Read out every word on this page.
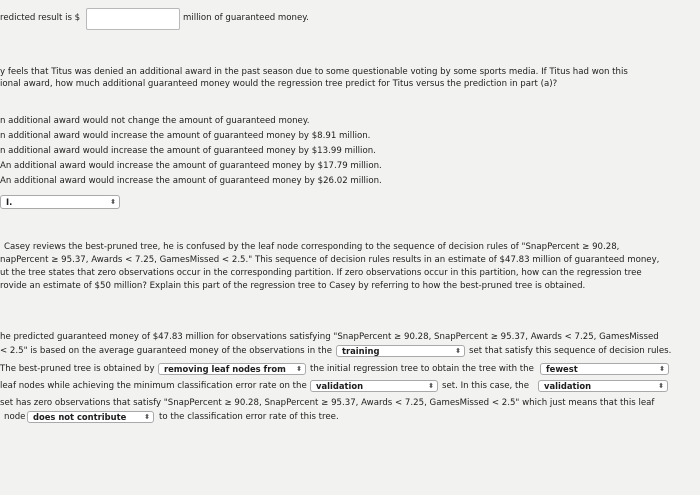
redicted result is $	million of guaranteed money.
y feels that Titus was denied an additional award in the past season due to some questionable voting by some sports media. If Titus had won this
ional award, how much additional guaranteed money would the regression tree predict for Titus versus the prediction in part (a)?
n additional award would not change the amount of guaranteed money.
n additional award would increase the amount of guaranteed money by $8.91 million.
n additional award would increase the amount of guaranteed money by $13.99 million.
An additional award would increase the amount of guaranteed money by $17.79 million.
An additional award would increase the amount of guaranteed money by $26.02 million.
I.	⬍
Casey reviews the best-pruned tree, he is confused by the leaf node corresponding to the sequence of decision rules of "SnapPercent ≥ 90.28,
napPercent ≥ 95.37, Awards < 7.25, GamesMissed < 2.5." This sequence of decision rules results in an estimate of $47.83 million of guaranteed money,
ut the tree states that zero observations occur in the corresponding partition. If zero observations occur in this partition, how can the regression tree
rovide an estimate of $50 million? Explain this part of the regression tree to Casey by referring to how the best-pruned tree is obtained.
he predicted guaranteed money of $47.83 million for observations satisfying "SnapPercent ≥ 90.28, SnapPercent ≥ 95.37, Awards < 7.25, GamesMissed
< 2.5" is based on the average guaranteed money of the observations in the	training	⬍ set that satisfy this sequence of decision rules.
The best-pruned tree is obtained by	removing leaf nodes from ⬍ the initial regression tree to obtain the tree with the	fewest	⬍
leaf nodes while achieving the minimum classification error rate on the	validation	⬍ set. In this case, the	validation	⬍
set has zero observations that satisfy "SnapPercent ≥ 90.28, SnapPercent ≥ 95.37, Awards < 7.25, GamesMissed < 2.5" which just means that this leaf
node does not contribute	⬍ to the classification error rate of this tree.
